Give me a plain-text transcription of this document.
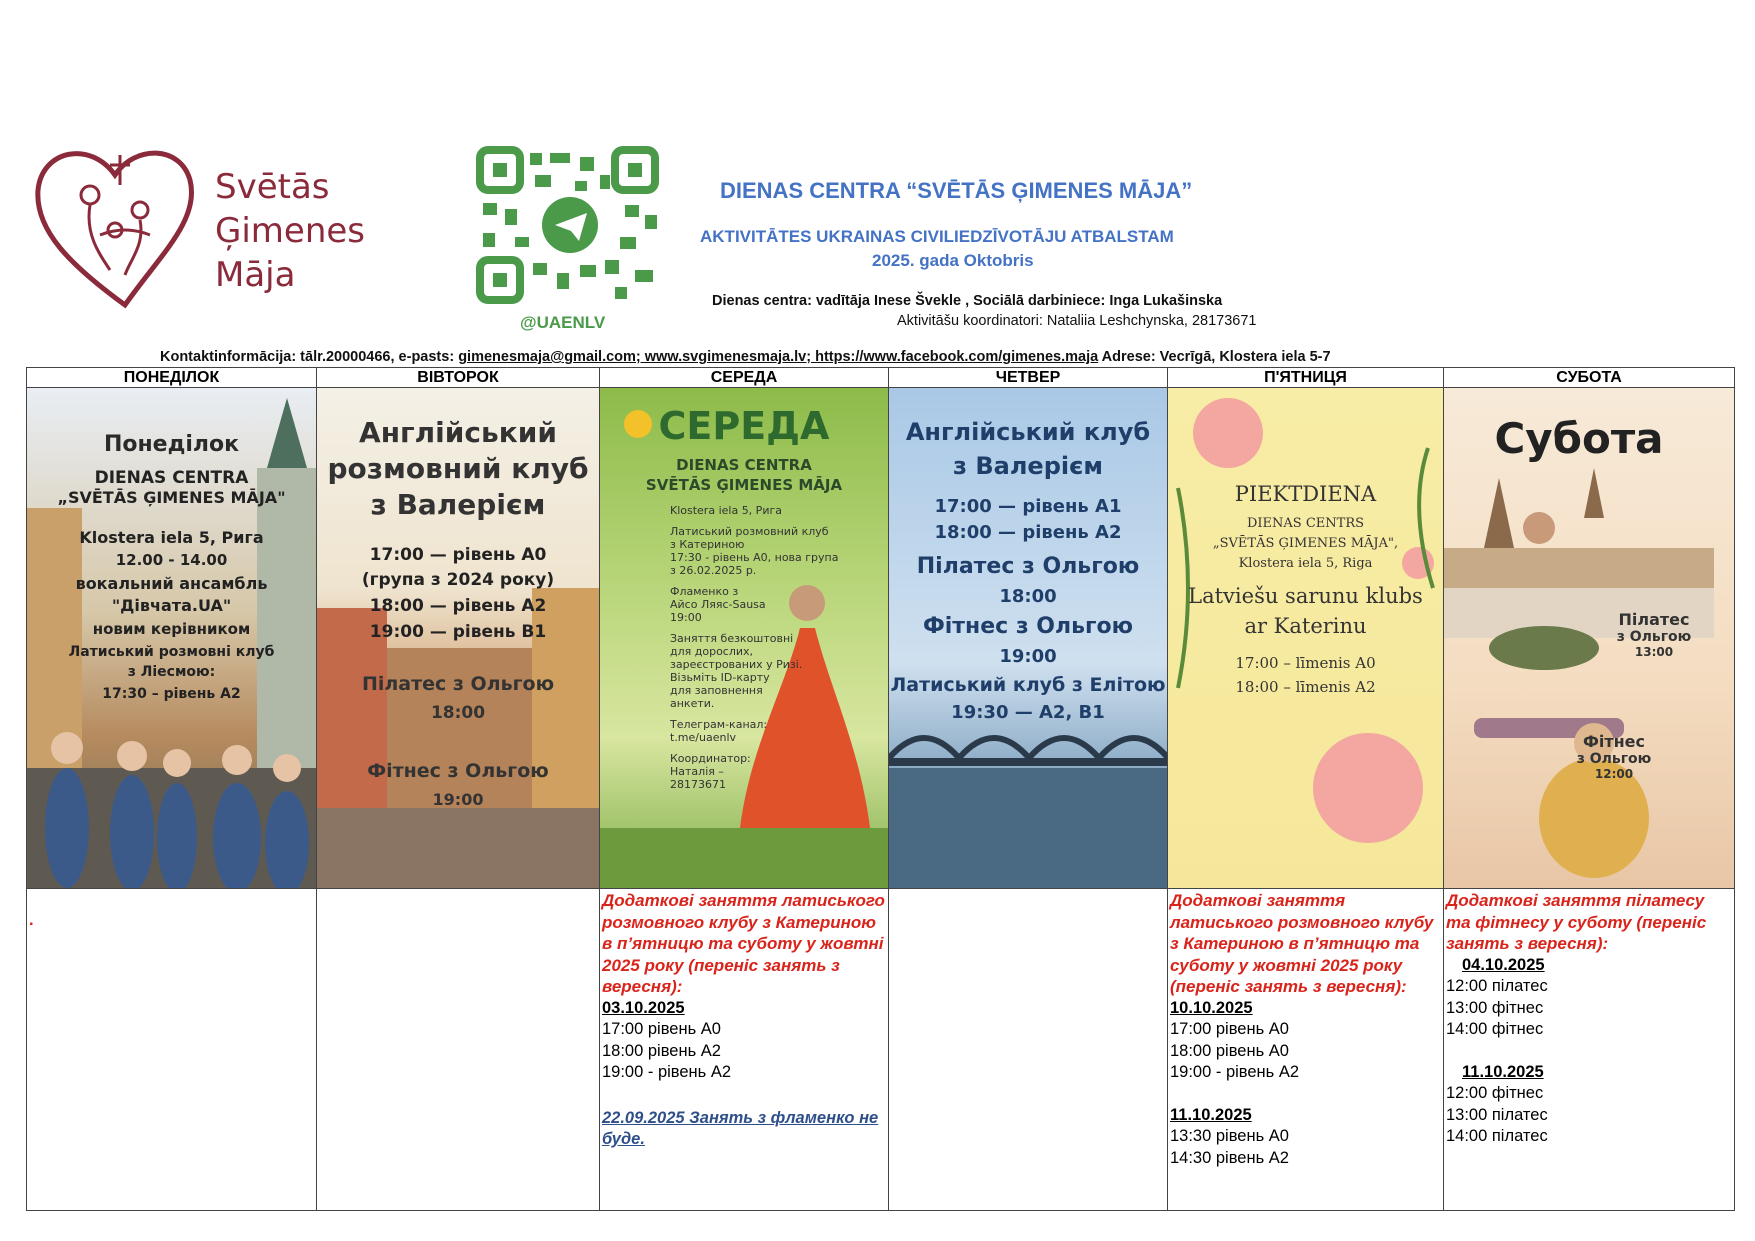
Svētās
Ģimenes
Māja
@UAENLV
DIENAS CENTRA “SVĒTĀS ĢIMENES MĀJA”
AKTIVITĀTES UKRAINAS CIVILIEDZĪVOTĀJU ATBALSTAM
2025. gada Oktobris
Dienas centra: vadītāja Inese Švekle , Sociālā darbiniece: Inga Lukašinska
Aktivitāšu koordinatori: Nataliia Leshchynska, 28173671
Kontaktinformācija: tālr.20000466, e-pasts: gimenesmaja@gmail.com; www.svgimenesmaja.lv; https://www.facebook.com/gimenes.maja Adrese: Vecrīgā, Klostera iela 5-7
ПОНЕДІЛОК
Понеділок
DIENAS CENTRA
„SVĒTĀS ĢIMENES MĀJA"
Klostera iela 5, Рига
12.00 - 14.00
вокальний ансамбль
"Дівчата.UA"
новим керівником
Латиський розмовні клуб
з Ліесмою:
17:30 – рівень А2
.
ВІВТОРОК
Англійський
розмовний клуб
з Валерієм
17:00 — рівень А0
(група з 2024 року)
18:00 — рівень А2
19:00 — рівень В1
Пілатес з Ольгою
18:00
Фітнес з Ольгою
19:00
СЕРЕДА
СЕРЕДА
DIENAS CENTRA
SVĒTĀS ĢIMENES MĀJA
Klostera iela 5, Рига
Латиський розмовний клуб
з Катериною
17:30 - рівень А0, нова група
з 26.02.2025 р.
Фламенко з
Айсо Ляяс-Sausa
19:00
Заняття безкоштовні
для дорослих,
зареєстрованих у Ризі.
Візьміть ID-карту
для заповнення
анкети.
Телеграм-канал:
t.me/uaenlv
Координатор:
Наталія –
28173671
Додаткові заняття латиського розмовного клубу з Катериною в п’ятницю та суботу у жовтні 2025 року (перенiс занять з вересня):
03.10.2025
17:00 рівень А0
18:00 рівень А2
19:00 - рівень А2
22.09.2025 Занять з фламенко не буде.
ЧЕТВЕР
Англійський клуб
з Валерієм
17:00 — рівень А1
18:00 — рівень А2
Пілатес з Ольгою
18:00
Фітнес з Ольгою
19:00
Латиський клуб з Елітою
19:30 — А2, В1
П'ЯТНИЦЯ
PIEKTDIENA
DIENAS CENTRS
„SVĒTĀS ĢIMENES MĀJA",
Klostera iela 5, Riga
Latviešu sarunu klubs
ar Katerinu
17:00 – līmenis A0
18:00 – līmenis A2
Додаткові заняття латиського розмовного клубу з Катериною в п’ятницю та суботу у жовтні 2025 року (перенiс занять з вересня):
10.10.2025
17:00 рівень А0
18:00 рівень А0
19:00 - рівень А2
11.10.2025
13:30 рівень А0
14:30 рівень А2
СУБОТА
Субота
Пілатес
з Ольгою
13:00
Фітнес
з Ольгою
12:00
Додаткові заняття пілатесу та фітнесу у суботу (перенiс занять з вересня):
04.10.2025
12:00 пілатес
13:00 фітнес
14:00 фітнес
11.10.2025
12:00 фітнес
13:00 пілатес
14:00 пілатес
